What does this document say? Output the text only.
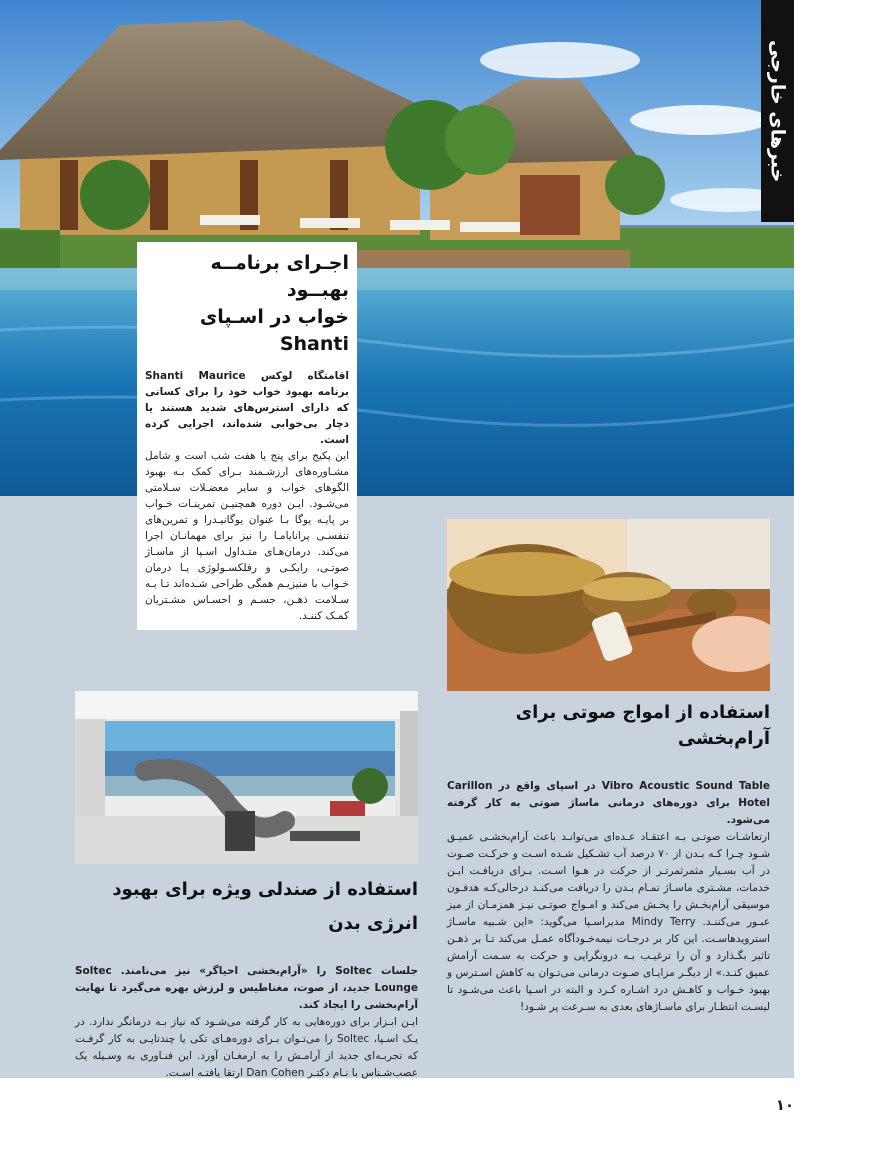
خبرهای خارجی
اجـرای برنامــه بهبــود
خواب در اسـپای Shanti

اقامتگاه لوکس Shanti Maurice برنامه بهبود خواب خود را برای کسانی که دارای استرس‌های شدید هستند یا دچار بی‌خوابی شده‌اند، اجرایی کرده است.

این پکیج برای پنج یا هفت شب است و شامل مشـاوره‌های ارزشـمند بـرای کمک بـه بهبود الگوهای خواب و سایر معضـلات سـلامتی می‌شـود. ایـن دوره همچنیـن تمرینـات خـواب بر پایـه یوگا بـا عنوان یوگانیـدرا و تمرین‌های تنفسـی پرانایامـا را نیز برای مهمانـان اجرا می‌کند. درمان‌هـای متـداول اسـپا از ماسـاژ صوتـی، رایکـی و رفلکسـولوژی یـا درمان خـواب با منیزیـم همگی طراحی شـده‌اند تـا بـه سـلامت ذهـن، جسـم و احسـاس مشـتریان کمـک کننـد.

استفاده از امواج صوتی برای آرام‌بخشی

Vibro Acoustic Sound Table در اسپای واقع در Carillon Hotel برای دوره‌های درمانی ماساژ صوتی به کار گرفته می‌شود.

ارتعاشـات صوتـی بـه اعتقـاد عـده‌ای می‌توانـد باعث آرام‌بخشـی عمیـق شـود چـرا کـه بـدن از ۷۰ درصد آب تشـکیل شـده اسـت و حرکـت صـوت در آب بسـیار مثمرثمرتـر از حرکت در هـوا اسـت. بـرای دریافـت ایـن خدمات، مشـتری ماسـاژ تمـام بـدن را دریافت می‌کنـد درحالی‌کـه هدفـون موسیقی آرام‌بخـش را پخـش می‌کند و امـواج صوتـی نیـز همزمـان از میز عبـور می‌کننـد. Mindy Terry مدیراسـپا می‌گوید: «این شـبیه ماسـاژ استرویدهاسـت. این کار بر درجـات نیمه‌خـودآگاه عمـل می‌کند تـا بر ذهـن تاثیر بگـذارد و آن را ترغیـب بـه درونگرایی و حرکت به سـمت آرامش عمیق کنـد.» از دیگـر مزایـای صـوت درمانی می‌تـوان به کاهش اسـترس و بهبود خـواب و کاهـش درد اشـاره کـرد و البته در اسـپا باعث می‌شـود تا لیسـت انتظـار برای ماسـاژهای بعدی به سـرعت پر شـود!

استفاده از صندلی ویژه برای بهبود انرژی بدن

جلسات Soltec را «آرام‌بخشی احیاگر» نیز می‌نامند. Soltec Lounge جدید، از صوت، مغناطیس و لرزش بهره می‌گیرد تا نهایت آرام‌بخشی را ایجاد کند.

ایـن ابـزار برای دوره‌هایی به کار گرفته می‌شـود که نیاز بـه درمانگر ندارد. در یـک اسـپا، Soltec را می‌تـوان بـرای دوره‌هـای تکی یا چندتایـی به کار گرفـت که تجربـه‌ای جدید از آرامـش را به ارمغـان آورد. این فنـاوری به وسـیله یک عصب‌شـناس با نـام دکتـر Dan Cohen ارتقا یافتـه اسـت.

۱۰
